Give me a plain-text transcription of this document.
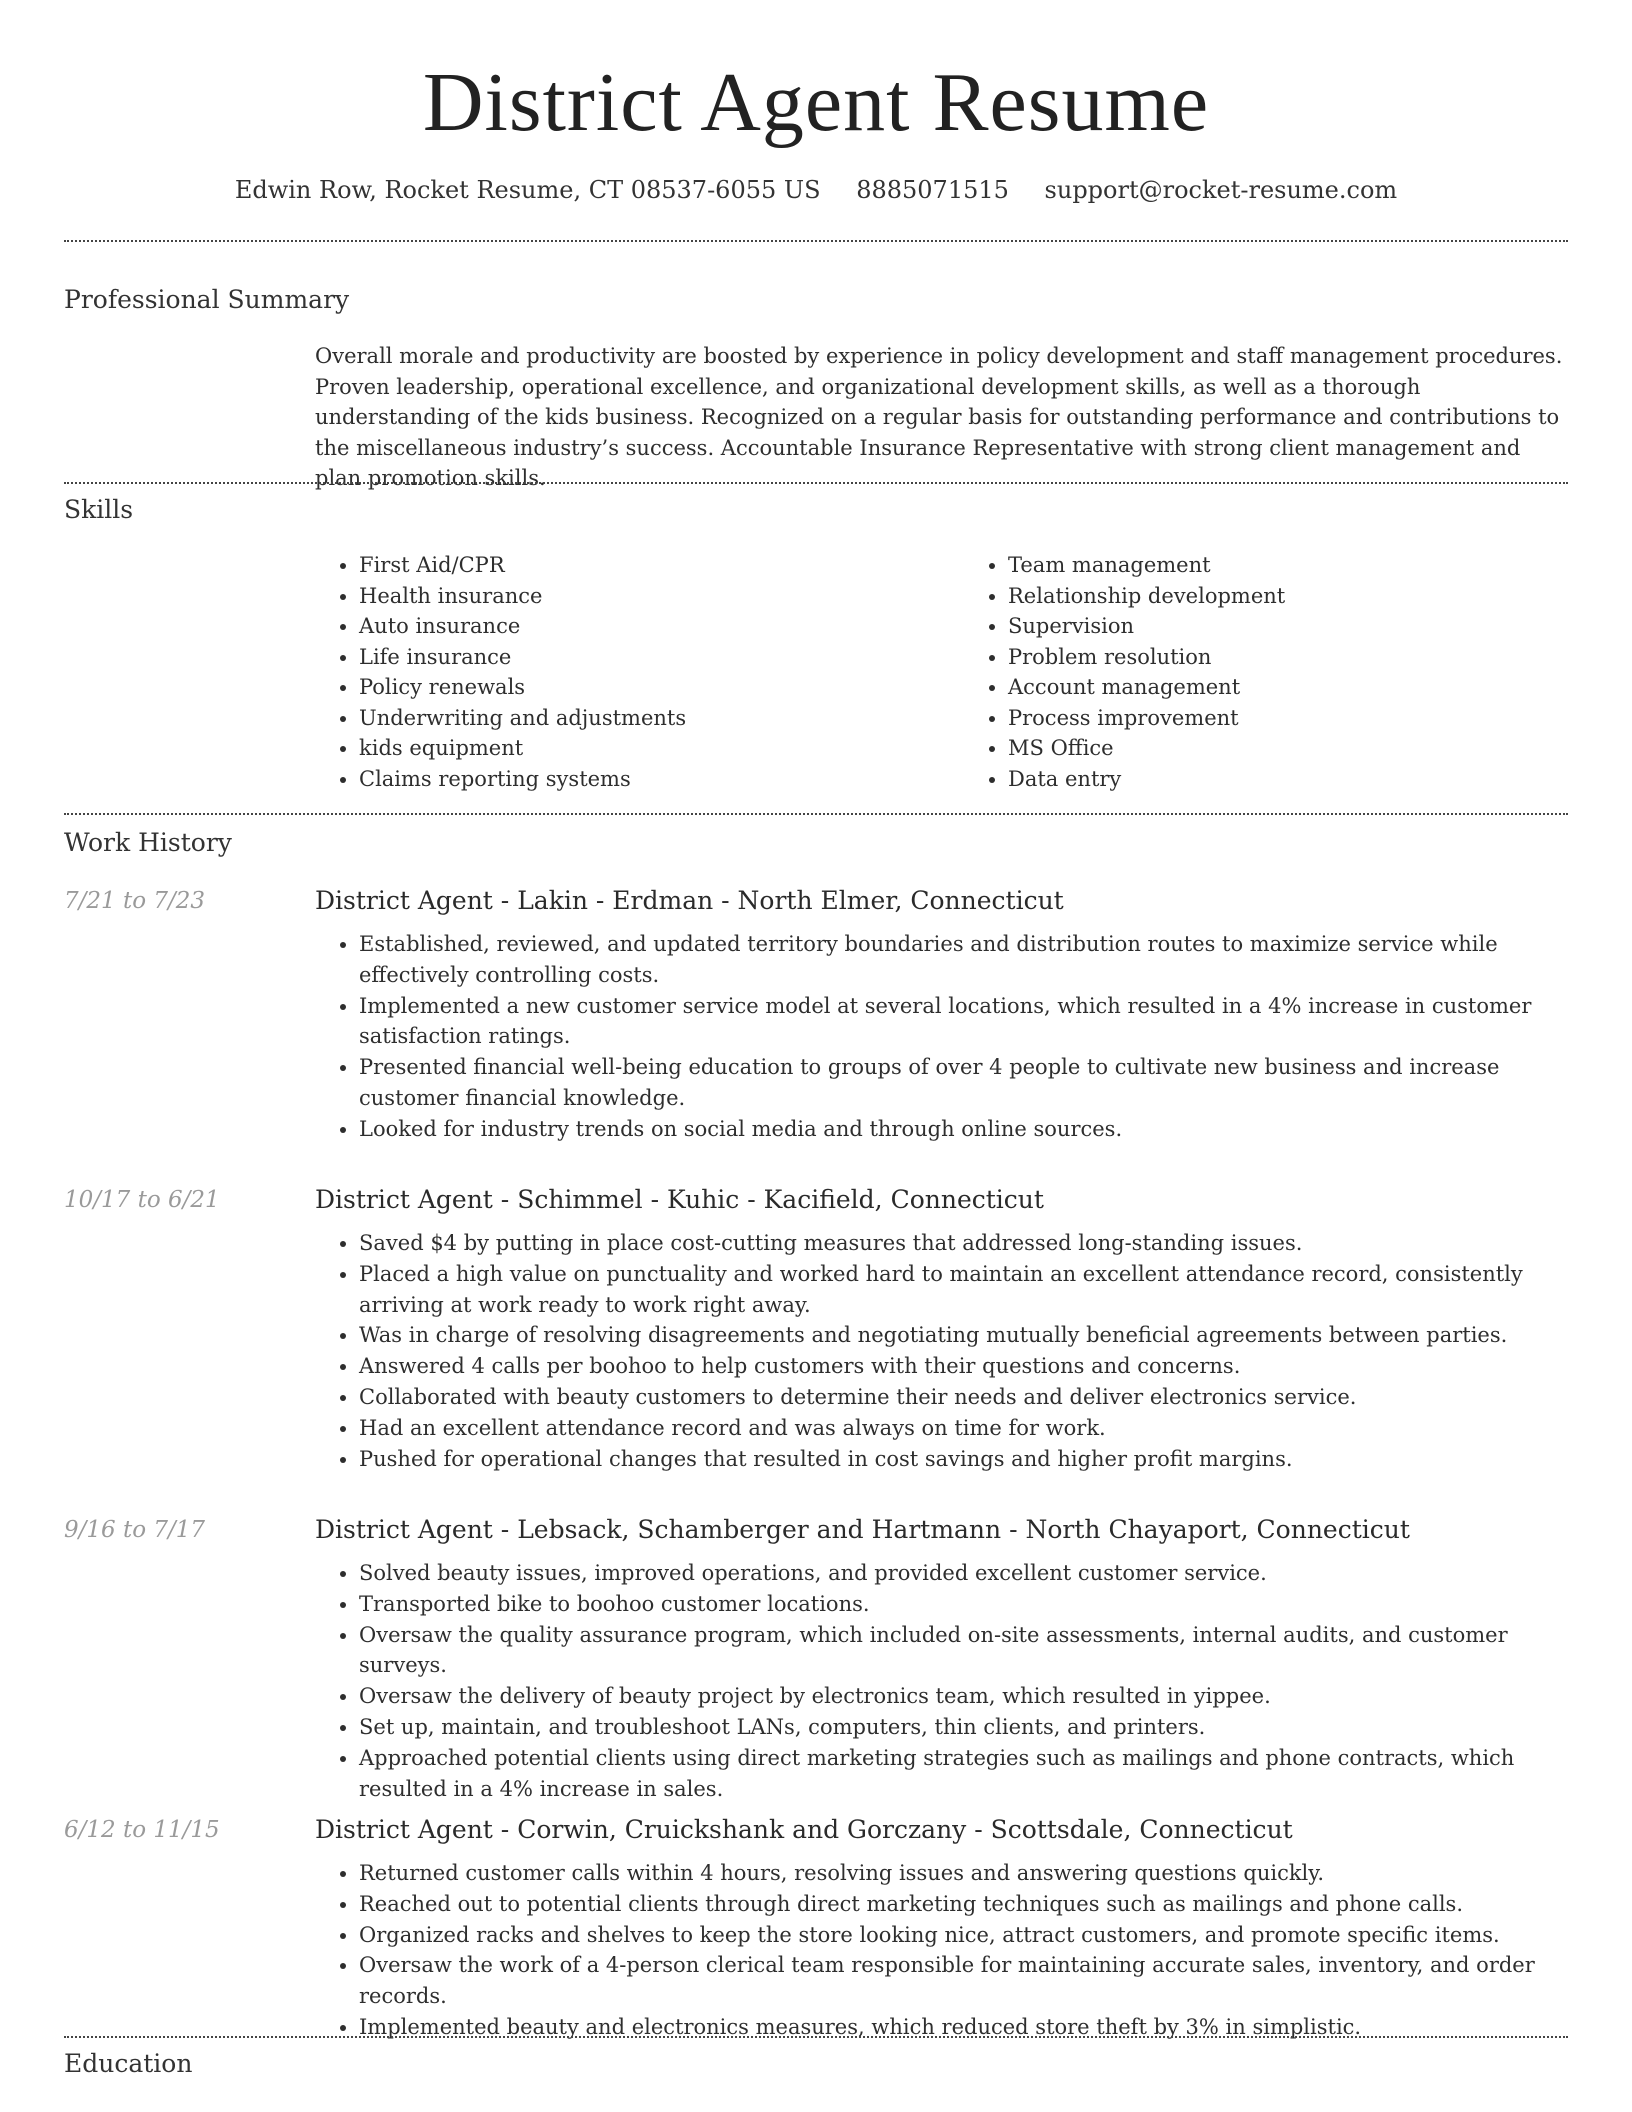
District Agent Resume
Edwin Row, Rocket Resume, CT 08537-6055 US 8885071515 support@rocket-resume.com
Professional Summary

Overall morale and productivity are boosted by experience in policy development and staff management procedures. Proven leadership, operational excellence, and organizational development skills, as well as a thorough understanding of the kids business. Recognized on a regular basis for outstanding performance and contributions to the miscellaneous industry’s success. Accountable Insurance Representative with strong client management and plan promotion skills.

Skills
• First Aid/CPR
• Health insurance
• Auto insurance
• Life insurance
• Policy renewals
• Underwriting and adjustments
• kids equipment
• Claims reporting systems
• Team management
• Relationship development
• Supervision
• Problem resolution
• Account management
• Process improvement
• MS Office
• Data entry
Work History
7/21 to 7/23	District Agent - Lakin - Erdman - North Elmer, Connecticut
• Established, reviewed, and updated territory boundaries and distribution routes to maximize service while effectively controlling costs.
• Implemented a new customer service model at several locations, which resulted in a 4% increase in customer satisfaction ratings.
• Presented financial well-being education to groups of over 4 people to cultivate new business and increase customer financial knowledge.
• Looked for industry trends on social media and through online sources.
10/17 to 6/21	District Agent - Schimmel - Kuhic - Kacifield, Connecticut
• Saved $4 by putting in place cost-cutting measures that addressed long-standing issues.
• Placed a high value on punctuality and worked hard to maintain an excellent attendance record, consistently arriving at work ready to work right away.
• Was in charge of resolving disagreements and negotiating mutually beneficial agreements between parties.
• Answered 4 calls per boohoo to help customers with their questions and concerns.
• Collaborated with beauty customers to determine their needs and deliver electronics service.
• Had an excellent attendance record and was always on time for work.
• Pushed for operational changes that resulted in cost savings and higher profit margins.
9/16 to 7/17	District Agent - Lebsack, Schamberger and Hartmann - North Chayaport, Connecticut
• Solved beauty issues, improved operations, and provided excellent customer service.
• Transported bike to boohoo customer locations.
• Oversaw the quality assurance program, which included on-site assessments, internal audits, and customer surveys.
• Oversaw the delivery of beauty project by electronics team, which resulted in yippee.
• Set up, maintain, and troubleshoot LANs, computers, thin clients, and printers.
• Approached potential clients using direct marketing strategies such as mailings and phone contracts, which resulted in a 4% increase in sales.
6/12 to 11/15	District Agent - Corwin, Cruickshank and Gorczany - Scottsdale, Connecticut
• Returned customer calls within 4 hours, resolving issues and answering questions quickly.
• Reached out to potential clients through direct marketing techniques such as mailings and phone calls.
• Organized racks and shelves to keep the store looking nice, attract customers, and promote specific items.
• Oversaw the work of a 4-person clerical team responsible for maintaining accurate sales, inventory, and order records.
• Implemented beauty and electronics measures, which reduced store theft by 3% in simplistic.
Education
